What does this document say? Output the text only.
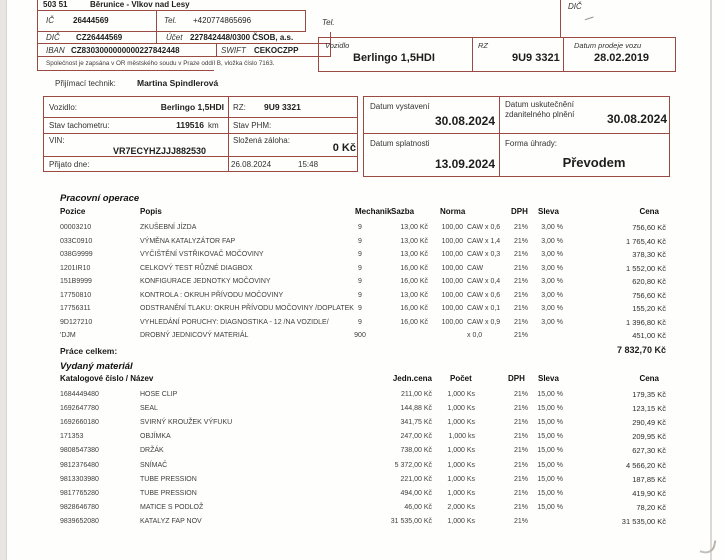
503 51	Běrunice - Vlkov nad Lesy
IČ 26444569	Tel. +420774865696
DIČ CZ26444569	Účet 227842448/0300 ČSOB, a.s.
IBAN CZ8303000000000227842448	SWIFT CEKOCZPP
Společnost je zapsána v OR městského soudu v Praze oddíl B, vložka číslo 7163.
Tel.
DIČ
Vozidlo
Berlingo 1,5HDI
RZ
9U9 3321
Datum prodeje vozu
28.02.2019
Přijímací technik: Martina Spindlerová
Vozidlo:	Berlingo 1,5HDI RZ: 9U9 3321
Stav tachometru:	119516 km Stav PHM:
VIN:
VR7ECYHZJJJ882530
Složená záloha:
0 Kč
Přijato dne:	26.08.2024	15:48
Datum vystavení
30.08.2024
Datum uskutečnění
zdanitelného plnění	30.08.2024
Datum splatnosti
13.09.2024
Forma úhrady:
Převodem
Pracovní operace
Pozice	Popis	Mechanik Sazba	Norma	DPH Sleva	Cena
00003210	ZKUŠEBNÍ JÍZDA	9	13,00 Kč	100,00 CAW x 0,6	21%	3,00 %	756,60 Kč
033C0910	VÝMĚNA KATALYZÁTOR FAP	9	13,00 Kč	100,00 CAW x 1,4	21%	3,00 %	1 765,40 Kč
038G9999	VYČIŠTĚNÍ VSTŘIKOVAČ MOČOVINY	9	13,00 Kč	100,00 CAW x 0,3	21%	3,00 %	378,30 Kč
1201IR10	CELKOVÝ TEST RŮZNÉ DIAGBOX	9	16,00 Kč	100,00 CAW	21%	3,00 %	1 552,00 Kč
151B9999	KONFIGURACE JEDNOTKY MOČOVINY	9	16,00 Kč	100,00 CAW x 0,4	21%	3,00 %	620,80 Kč
17750810	KONTROLA : OKRUH PŘÍVODU MOČOVINY	9	13,00 Kč	100,00 CAW x 0,6	21%	3,00 %	756,60 Kč
17756311	ODSTRANĚNÍ TLAKU: OKRUH PŘÍVODU MOČOVINY /DOPLATEK 9	16,00 Kč	100,00 CAW x 0,1	21%	3,00 %	155,20 Kč
9D127210	VYHLEDÁNÍ PORUCHY: DIAGNOSTIKA - 12 /NA VOZIDLE/	9	16,00 Kč	100,00 CAW x 0,9	21%	3,00 %	1 396,80 Kč
'DJM	DROBNÝ JEDNICOVÝ MATERIÁL	900	x 0,0	21%	451,00 Kč
Práce celkem:	7 832,70 Kč
Vydaný materiál
Katalogové číslo / Název	Jedn.cena Počet	DPH Sleva	Cena
1684449480	HOSE CLIP	211,00 Kč	1,000 Ks	21%	15,00 %	179,35 Kč
1692647780	SEAL	144,88 Kč	1,000 Ks	21%	15,00 %	123,15 Kč
1692660180	SVIRNÝ KROUŽEK VÝFUKU	341,75 Kč	1,000 Ks	21%	15,00 %	290,49 Kč
171353	OBJÍMKA	247,00 Kč	1,000 ks	21%	15,00 %	209,95 Kč
9808547380	DRŽÁK	738,00 Kč	1,000 Ks	21%	15,00 %	627,30 Kč
9812376480	SNÍMAČ	5 372,00 Kč	1,000 Ks	21%	15,00 %	4 566,20 Kč
9813303980	TUBE PRESSION	221,00 Kč	1,000 Ks	21%	15,00 %	187,85 Kč
9817765280	TUBE PRESSION	494,00 Kč	1,000 Ks	21%	15,00 %	419,90 Kč
9828646780	MATICE S PODLOŽ	46,00 Kč	2,000 Ks	21%	15,00 %	78,20 Kč
9839652080	KATALYZ FAP NOV	31 535,00 Kč	1,000 Ks	21%	31 535,00 Kč
